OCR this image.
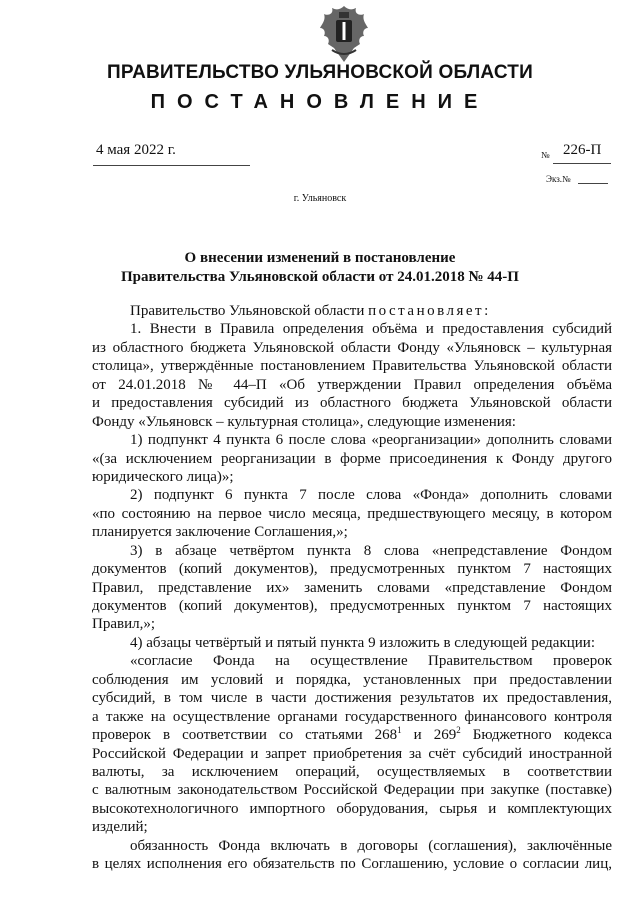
ПРАВИТЕЛЬСТВО УЛЬЯНОВСКОЙ ОБЛАСТИ
ПОСТАНОВЛЕНИЕ
4 мая 2022 г.	№ 226-П
Экз.№
г. Ульяновск
О внесении изменений в постановление
Правительства Ульяновской области от 24.01.2018 № 44-П
Правительство Ульяновской области постановляет:
1. Внести в Правила определения объёма и предоставления субсидий
из областного бюджета Ульяновской области Фонду «Ульяновск – культурная
столица», утверждённые постановлением Правительства Ульяновской области
от 24.01.2018 № 44–П «Об утверждении Правил определения объёма
и предоставления субсидий из областного бюджета Ульяновской области
Фонду «Ульяновск – культурная столица», следующие изменения:
1) подпункт 4 пункта 6 после слова «реорганизации» дополнить словами
«(за исключением реорганизации в форме присоединения к Фонду другого
юридического лица)»;
2) подпункт 6 пункта 7 после слова «Фонда» дополнить словами
«по состоянию на первое число месяца, предшествующего месяцу, в котором
планируется заключение Соглашения,»;
3) в абзаце четвёртом пункта 8 слова «непредставление Фондом
документов (копий документов), предусмотренных пунктом 7 настоящих
Правил, представление их» заменить словами «представление Фондом
документов (копий документов), предусмотренных пунктом 7 настоящих
Правил,»;
4) абзацы четвёртый и пятый пункта 9 изложить в следующей редакции:
«согласие Фонда на осуществление Правительством проверок
соблюдения им условий и порядка, установленных при предоставлении
субсидий, в том числе в части достижения результатов их предоставления,
а также на осуществление органами государственного финансового контроля
проверок в соответствии со статьями $268^1$ и $269^2$ Бюджетного кодекса
Российской Федерации и запрет приобретения за счёт субсидий иностранной
валюты, за исключением операций, осуществляемых в соответствии
с валютным законодательством Российской Федерации при закупке (поставке)
высокотехнологичного импортного оборудования, сырья и комплектующих
изделий;
обязанность Фонда включать в договоры (соглашения), заключённые
в целях исполнения его обязательств по Соглашению, условие о согласии лиц,
